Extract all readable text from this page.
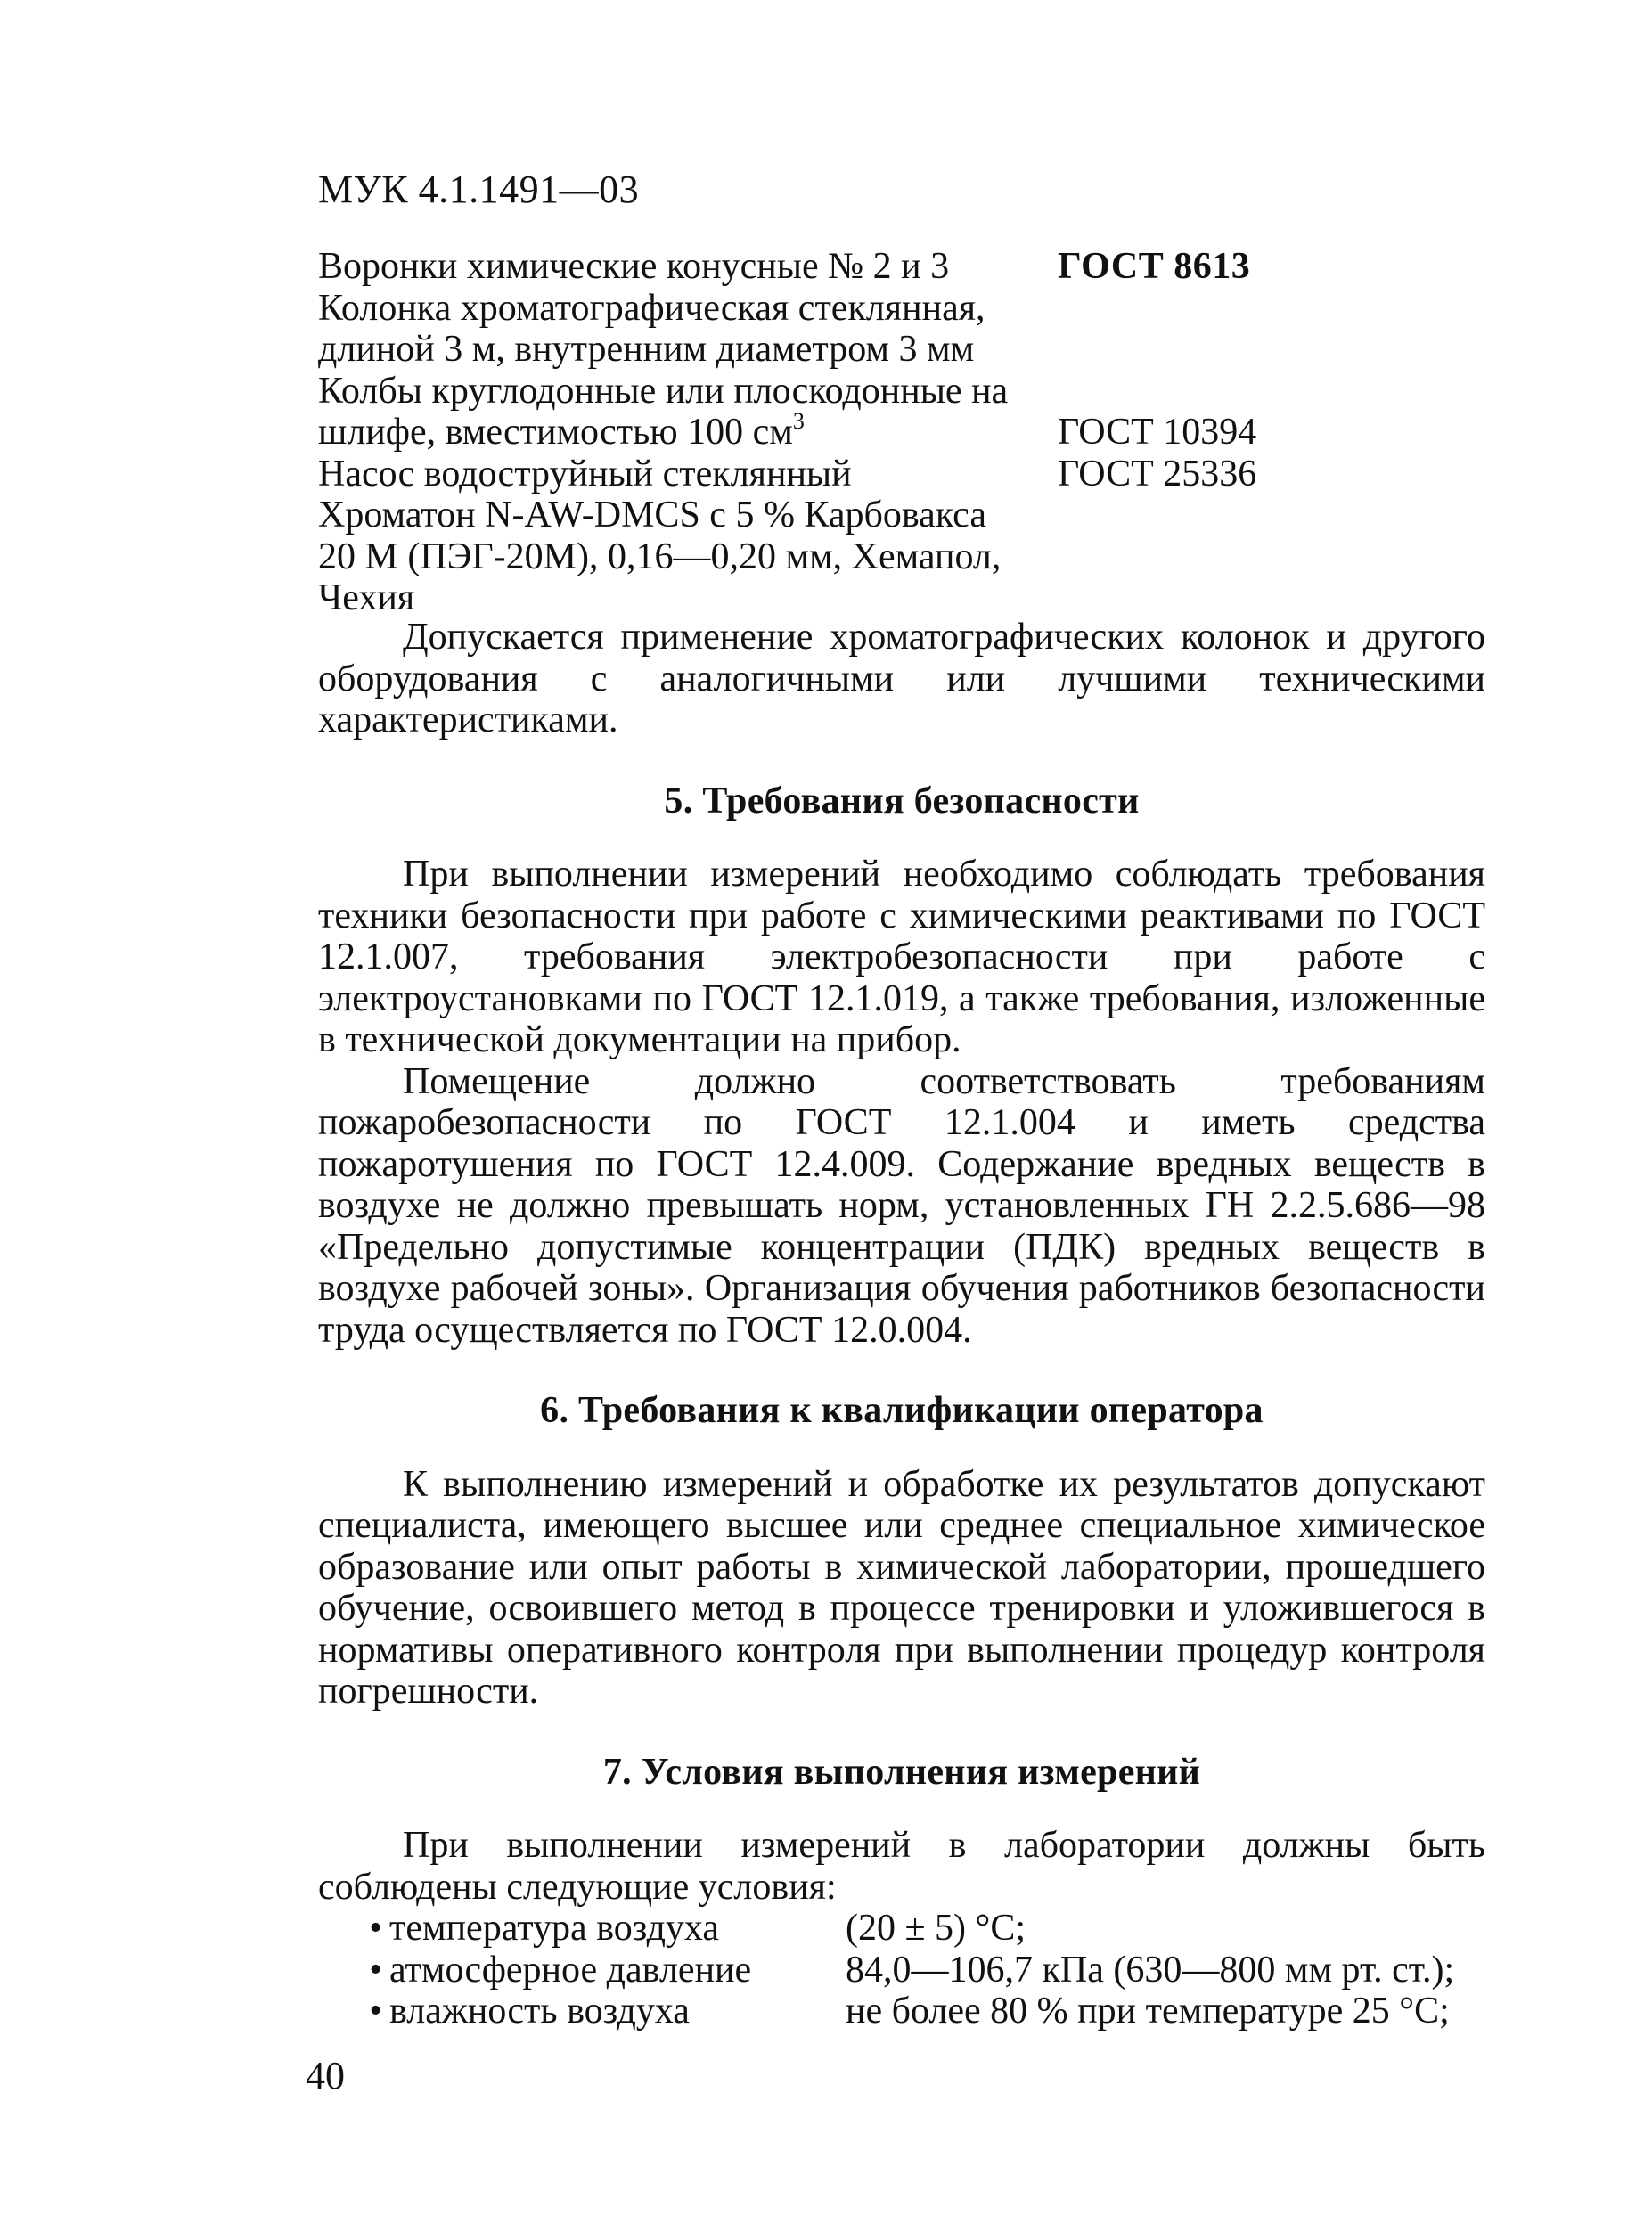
МУК 4.1.1491—03
Воронки химические конусные № 2 и 3	ГОСТ 8613
Колонка хроматографическая стеклянная,
длиной 3 м, внутренним диаметром 3 мм
Колбы круглодонные или плоскодонные на
шлифе, вместимостью 100 $см^3$	ГОСТ 10394
Насос водоструйный стеклянный	ГОСТ 25336
Хроматон N-AW-DMCS с 5 % Карбовакса
20 М (ПЭГ-20М), 0,16—0,20 мм, Хемапол,
Чехия

Допускается применение хроматографических колонок и другого оборудования с аналогичными или лучшими техническими характеристиками.

5. Требования безопасности

При выполнении измерений необходимо соблюдать требования техники безопасности при работе с химическими реактивами по ГОСТ 12.1.007, требования электробезопасности при работе с электроустановками по ГОСТ 12.1.019, а также требования, изложенные в технической документации на прибор.

Помещение должно соответствовать требованиям пожаробезопасности по ГОСТ 12.1.004 и иметь средства пожаротушения по ГОСТ 12.4.009. Содержание вредных веществ в воздухе не должно превышать норм, установленных ГН 2.2.5.686—98 «Предельно допустимые концентрации (ПДК) вредных веществ в воздухе рабочей зоны». Организация обучения работников безопасности труда осуществляется по ГОСТ 12.0.004.

6. Требования к квалификации оператора

К выполнению измерений и обработке их результатов допускают специалиста, имеющего высшее или среднее специальное химическое образование или опыт работы в химической лаборатории, прошедшего обучение, освоившего метод в процессе тренировки и уложившегося в нормативы оперативного контроля при выполнении процедур контроля погрешности.

7. Условия выполнения измерений

При выполнении измерений в лаборатории должны быть соблюдены следующие условия:

• температура воздуха	(20 ± 5) °С;
• атмосферное давление	84,0—106,7 кПа (630—800 мм рт. ст.);
• влажность воздуха	не более 80 % при температуре 25 °С;
40
